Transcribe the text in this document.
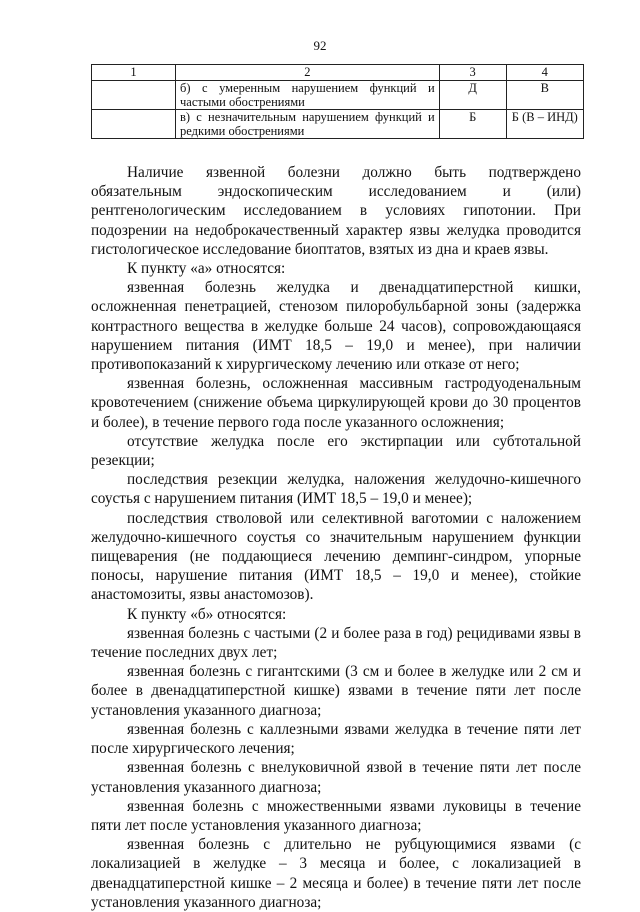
92
1	2	3	4
	б) с умеренным нарушением функций и частыми обострениями	Д	В
	в) с незначительным нарушением функций и редкими обострениями	Б	Б (В – ИНД)

Наличие язвенной болезни должно быть подтверждено обязательным эндоскопическим исследованием и (или) рентгенологическим исследованием в условиях гипотонии. При подозрении на недоброкачественный характер язвы желудка проводится гистологическое исследование биоптатов, взятых из дна и краев язвы.

К пункту «а» относятся:

язвенная болезнь желудка и двенадцатиперстной кишки, осложненная пенетрацией, стенозом пилоробульбарной зоны (задержка контрастного вещества в желудке больше 24 часов), сопровождающаяся нарушением питания (ИМТ 18,5 – 19,0 и менее), при наличии противопоказаний к хирургическому лечению или отказе от него;

язвенная болезнь, осложненная массивным гастродуоденальным кровотечением (снижение объема циркулирующей крови до 30 процентов и более), в течение первого года после указанного осложнения;

отсутствие желудка после его экстирпации или субтотальной резекции;

последствия резекции желудка, наложения желудочно-кишечного соустья с нарушением питания (ИМТ 18,5 – 19,0 и менее);

последствия стволовой или селективной ваготомии с наложением желудочно-кишечного соустья со значительным нарушением функции пищеварения (не поддающиеся лечению демпинг-синдром, упорные поносы, нарушение питания (ИМТ 18,5 – 19,0 и менее), стойкие анастомозиты, язвы анастомозов).

К пункту «б» относятся:

язвенная болезнь с частыми (2 и более раза в год) рецидивами язвы в течение последних двух лет;

язвенная болезнь с гигантскими (3 см и более в желудке или 2 см и более в двенадцатиперстной кишке) язвами в течение пяти лет после установления указанного диагноза;

язвенная болезнь с каллезными язвами желудка в течение пяти лет после хирургического лечения;

язвенная болезнь с внелуковичной язвой в течение пяти лет после установления указанного диагноза;

язвенная болезнь с множественными язвами луковицы в течение пяти лет после установления указанного диагноза;

язвенная болезнь с длительно не рубцующимися язвами (с локализацией в желудке – 3 месяца и более, с локализацией в двенадцатиперстной кишке – 2 месяца и более) в течение пяти лет после установления указанного диагноза;
